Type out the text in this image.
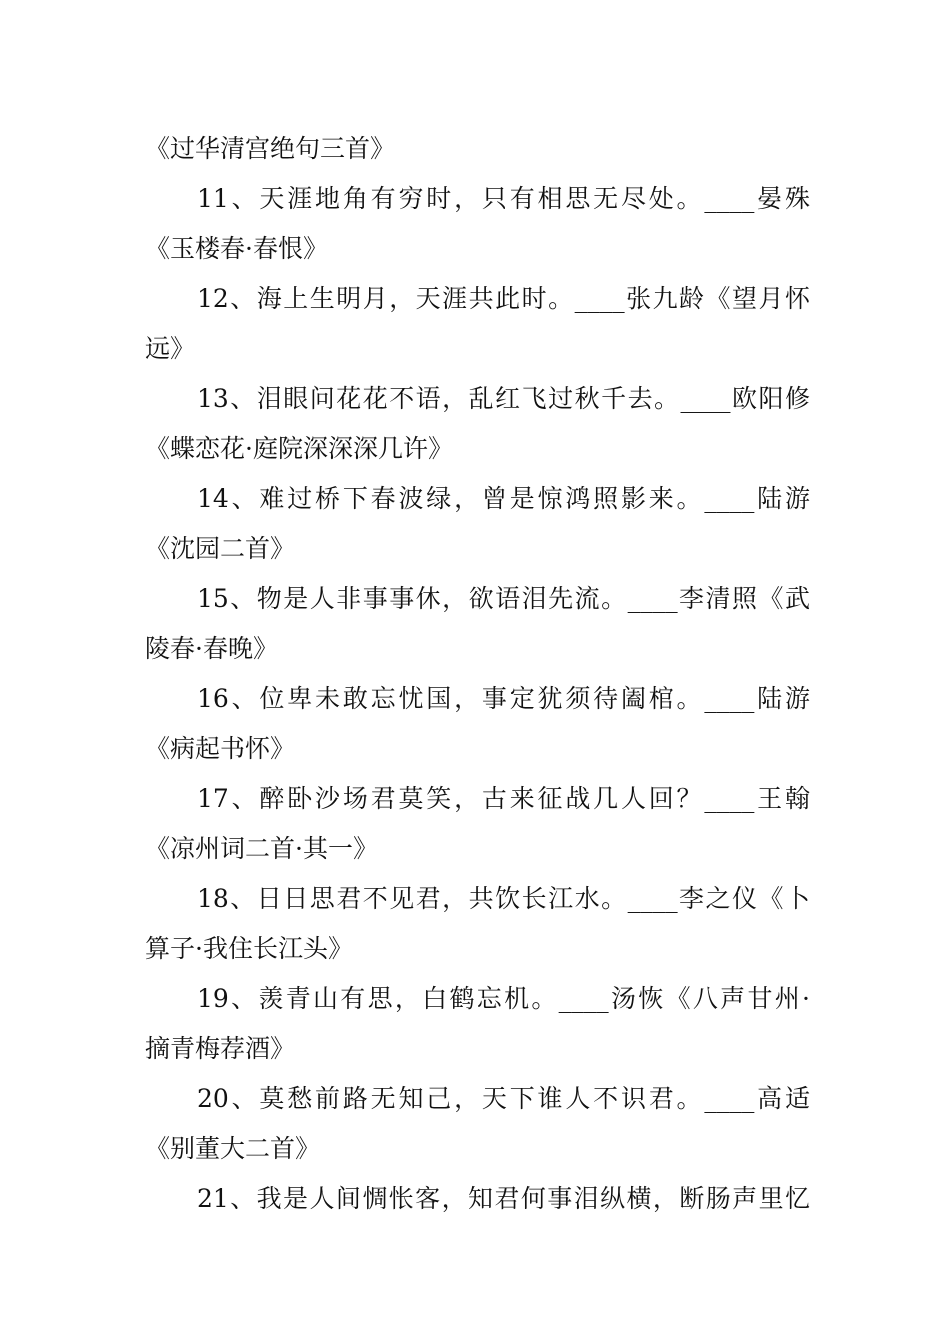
《过华清宫绝句三首》
11、天涯地角有穷时，只有相思无尽处。____晏殊
《玉楼春·春恨》
12、海上生明月，天涯共此时。____张九龄《望月怀
远》
13、泪眼问花花不语，乱红飞过秋千去。____欧阳修
《蝶恋花·庭院深深深几许》
14、难过桥下春波绿，曾是惊鸿照影来。____陆游
《沈园二首》
15、物是人非事事休，欲语泪先流。____李清照《武
陵春·春晚》
16、位卑未敢忘忧国，事定犹须待阖棺。____陆游
《病起书怀》
17、醉卧沙场君莫笑，古来征战几人回？____王翰
《凉州词二首·其一》
18、日日思君不见君，共饮长江水。____李之仪《卜
算子·我住长江头》
19、羡青山有思，白鹤忘机。____汤恢《八声甘州·
摘青梅荐酒》
20、莫愁前路无知己，天下谁人不识君。____高适
《别董大二首》
21、我是人间惆怅客，知君何事泪纵横，断肠声里忆
